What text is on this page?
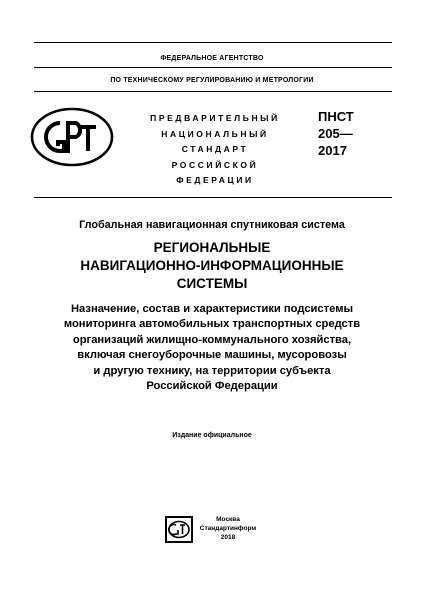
ФЕДЕРАЛЬНОЕ АГЕНТСТВО
ПО ТЕХНИЧЕСКОМУ РЕГУЛИРОВАНИЮ И МЕТРОЛОГИИ
ПРЕДВАРИТЕЛЬНЫЙ
НАЦИОНАЛЬНЫЙ
СТАНДАРТ
РОССИЙСКОЙ
ФЕДЕРАЦИИ
ПНСТ
205—
2017
Глобальная навигационная спутниковая система
РЕГИОНАЛЬНЫЕ
НАВИГАЦИОННО-ИНФОРМАЦИОННЫЕ
СИСТЕМЫ
Назначение, состав и характеристики подсистемы
мониторинга автомобильных транспортных средств
организаций жилищно-коммунального хозяйства,
включая снегоуборочные машины, мусоровозы
и другую технику, на территории субъекта
Российской Федерации
Издание официальное
Москва
Стандартинформ
2018
